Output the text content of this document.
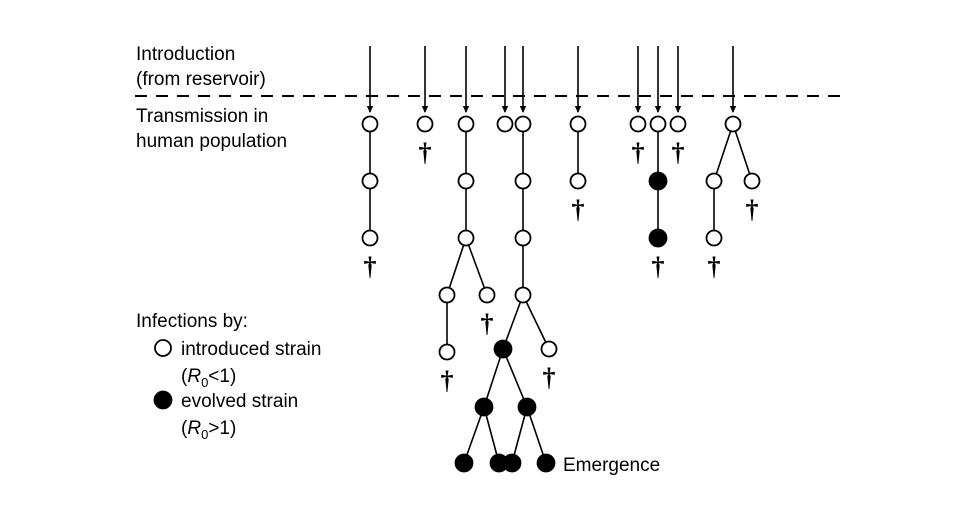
†
†
†
†	†
†
† †
† †
†
Introduction
(from reservoir)
Transmission in
human population
Emergence
Infections by:
introduced strain
$(R_0<1)$
evolved strain
$(R_0>1)$
